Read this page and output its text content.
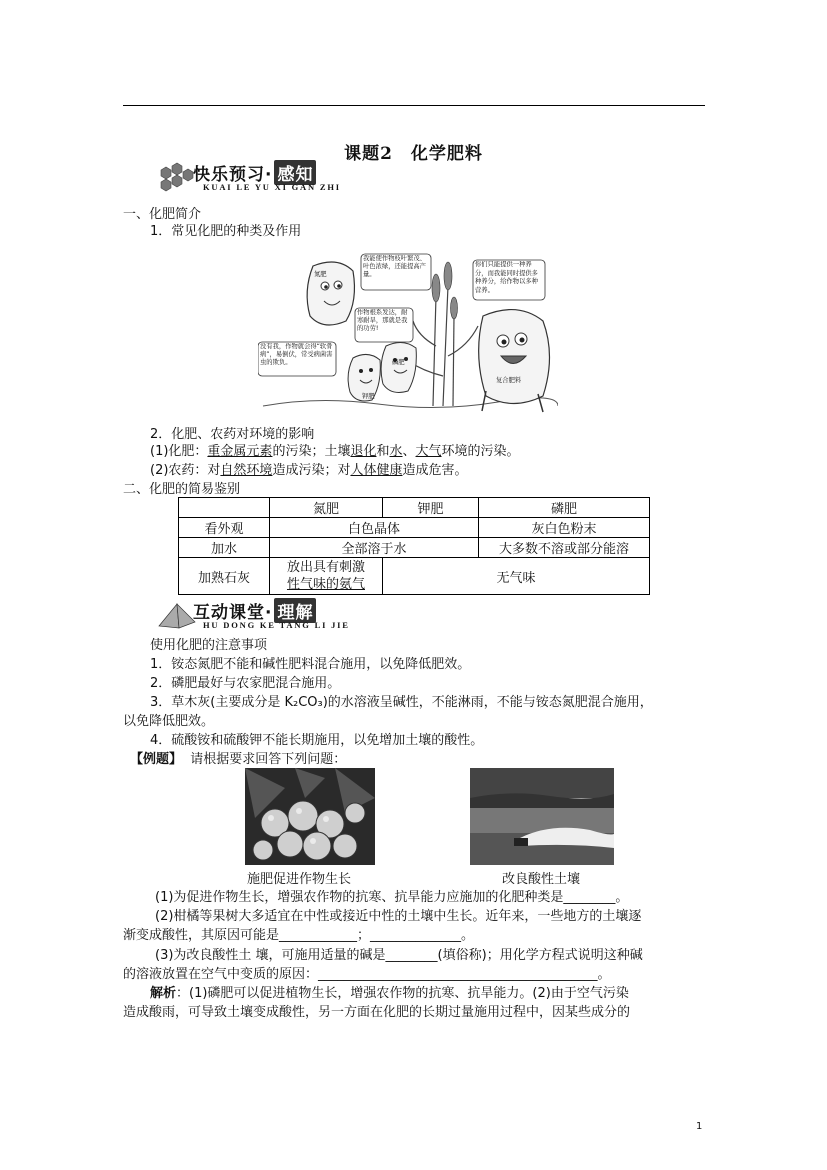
课题2　化学肥料
快乐预习· 感知
KUAI LE YU XI GAN ZHI
一、化肥简介
1．常见化肥的种类及作用
氮肥
我能使作物枝叶繁茂、叶色浓绿，还能提高产量。
你们只能提供一种养分，而我能同时提供多种养分，给作物以多种营养。
作物根系发达，耐寒耐旱，那就是我的功劳!
没有我，作物就会得“软骨病”，易倒伏，常受病菌害虫的欺负。	磷肥
钾肥
复合肥料
2．化肥、农药对环境的影响
(1)化肥：重金属元素的污染；土壤退化和水、大气环境的污染。
(2)农药：对自然环境造成污染；对人体健康造成危害。
二、化肥的简易鉴别
	氮肥	钾肥	磷肥
看外观	白色晶体		灰白色粉末
加水	全部溶于水		大多数不溶或部分能溶
加熟石灰	放出具有刺激
性气味的氨气	无气味	
互动课堂· 理解
HU DONG KE TANG LI JIE
使用化肥的注意事项
1．铵态氮肥不能和碱性肥料混合施用，以免降低肥效。
2．磷肥最好与农家肥混合施用。
3．草木灰(主要成分是 K₂CO₃)的水溶液呈碱性，不能淋雨，不能与铵态氮肥混合施用，
以免降低肥效。
4．硫酸铵和硫酸钾不能长期施用，以免增加土壤的酸性。
【例题】 请根据要求回答下列问题：
施肥促进作物生长	改良酸性土壤
(1)为促进作物生长，增强农作物的抗寒、抗旱能力应施加的化肥种类是________。
(2)柑橘等果树大多适宜在中性或接近中性的土壤中生长。近年来，一些地方的土壤逐
渐变成酸性，其原因可能是____________；______________。
(3)为改良酸性土 壤，可施用适量的碱是________(填俗称)；用化学方程式说明这种碱
的溶液放置在空气中变质的原因：___________________________________________。
解析：(1)磷肥可以促进植物生长，增强农作物的抗寒、抗旱能力。(2)由于空气污染
造成酸雨，可导致土壤变成酸性，另一方面在化肥的长期过量施用过程中，因某些成分的
1
